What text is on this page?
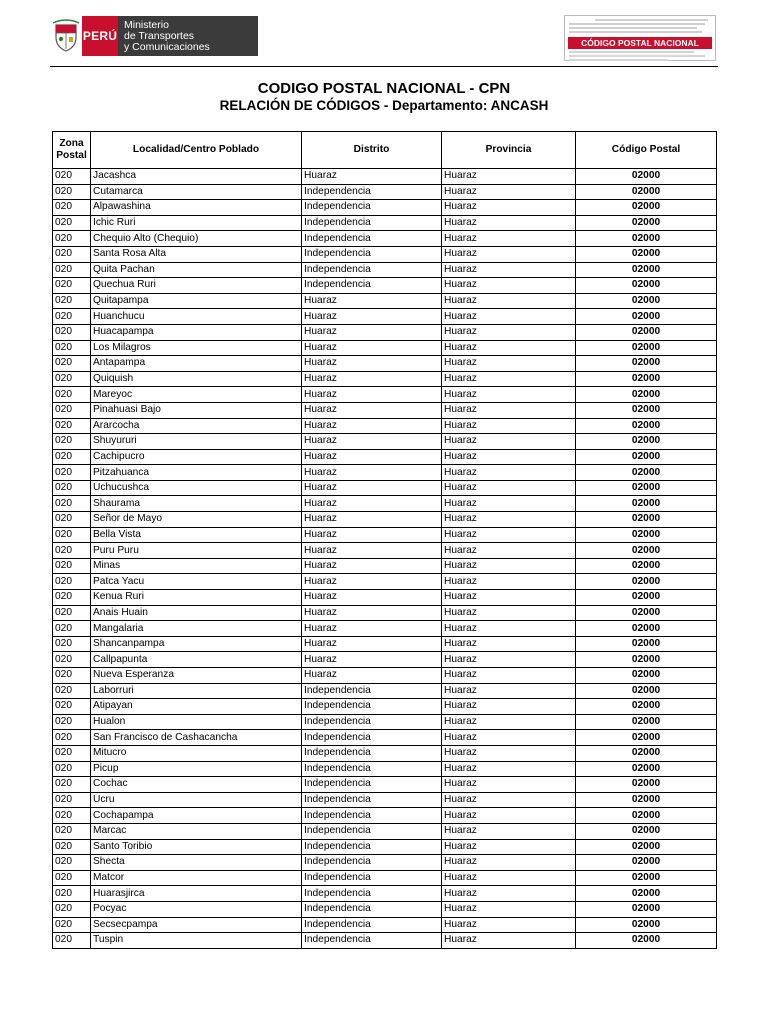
PERÚ
Ministerio
de Transportes
y Comunicaciones	CÓDIGO POSTAL NACIONAL
CODIGO POSTAL NACIONAL - CPN
RELACIÓN DE CÓDIGOS - Departamento: ANCASH
Zona Postal	Localidad/Centro Poblado	Distrito	Provincia	Código Postal
020	Jacashca	Huaraz	Huaraz	02000
020	Cutamarca	Independencia	Huaraz	02000
020	Alpawashina	Independencia	Huaraz	02000
020	Ichic Ruri	Independencia	Huaraz	02000
020	Chequio Alto (Chequio)	Independencia	Huaraz	02000
020	Santa Rosa Alta	Independencia	Huaraz	02000
020	Quita Pachan	Independencia	Huaraz	02000
020	Quechua Ruri	Independencia	Huaraz	02000
020	Quitapampa	Huaraz	Huaraz	02000
020	Huanchucu	Huaraz	Huaraz	02000
020	Huacapampa	Huaraz	Huaraz	02000
020	Los Milagros	Huaraz	Huaraz	02000
020	Antapampa	Huaraz	Huaraz	02000
020	Quiquish	Huaraz	Huaraz	02000
020	Mareyoc	Huaraz	Huaraz	02000
020	Pinahuasi Bajo	Huaraz	Huaraz	02000
020	Ararcocha	Huaraz	Huaraz	02000
020	Shuyururi	Huaraz	Huaraz	02000
020	Cachipucro	Huaraz	Huaraz	02000
020	Pitzahuanca	Huaraz	Huaraz	02000
020	Uchucushca	Huaraz	Huaraz	02000
020	Shaurama	Huaraz	Huaraz	02000
020	Señor de Mayo	Huaraz	Huaraz	02000
020	Bella Vista	Huaraz	Huaraz	02000
020	Puru Puru	Huaraz	Huaraz	02000
020	Minas	Huaraz	Huaraz	02000
020	Patca Yacu	Huaraz	Huaraz	02000
020	Kenua Ruri	Huaraz	Huaraz	02000
020	Anais Huain	Huaraz	Huaraz	02000
020	Mangalaria	Huaraz	Huaraz	02000
020	Shancanpampa	Huaraz	Huaraz	02000
020	Callpapunta	Huaraz	Huaraz	02000
020	Nueva Esperanza	Huaraz	Huaraz	02000
020	Laborruri	Independencia	Huaraz	02000
020	Atipayan	Independencia	Huaraz	02000
020	Hualon	Independencia	Huaraz	02000
020	San Francisco de Cashacancha	Independencia	Huaraz	02000
020	Mitucro	Independencia	Huaraz	02000
020	Picup	Independencia	Huaraz	02000
020	Cochac	Independencia	Huaraz	02000
020	Ucru	Independencia	Huaraz	02000
020	Cochapampa	Independencia	Huaraz	02000
020	Marcac	Independencia	Huaraz	02000
020	Santo Toribio	Independencia	Huaraz	02000
020	Shecta	Independencia	Huaraz	02000
020	Matcor	Independencia	Huaraz	02000
020	Huarasjirca	Independencia	Huaraz	02000
020	Pocyac	Independencia	Huaraz	02000
020	Secsecpampa	Independencia	Huaraz	02000
020	Tuspin	Independencia	Huaraz	02000
